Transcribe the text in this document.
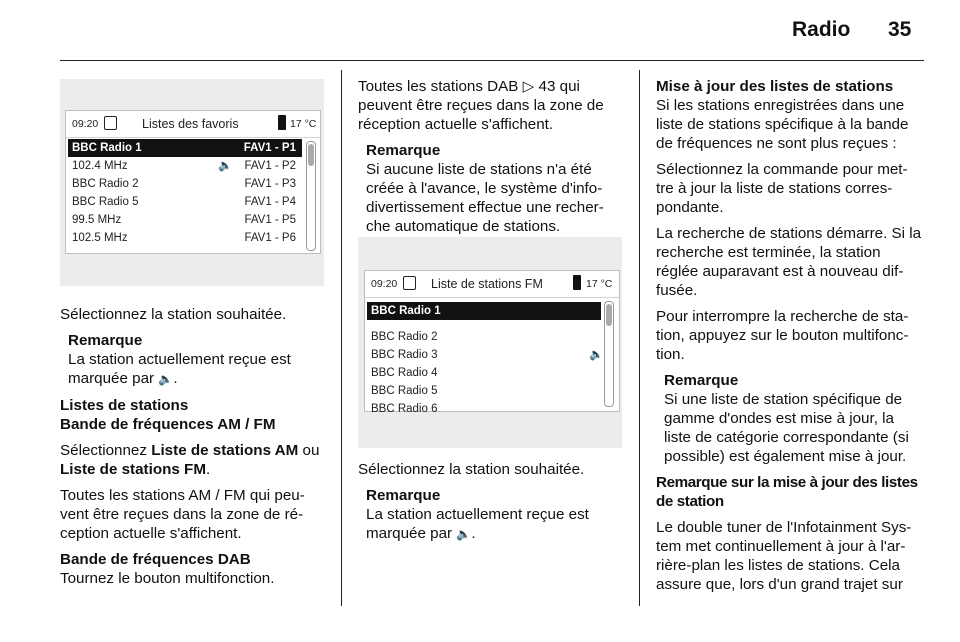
Radio 35
09:20	Listes des favoris	17 °C
BBC Radio 1	FAV1 - P1
102.4 MHz	🔈 FAV1 - P2
BBC Radio 2	FAV1 - P3
BBC Radio 5	FAV1 - P4
99.5 MHz	FAV1 - P5
102.5 MHz	FAV1 - P6
09:20	Liste de stations FM	17 °C
BBC Radio 1
BBC Radio 2
BBC Radio 3	🔈
BBC Radio 4
BBC Radio 5
BBC Radio 6

Sélectionnez la station souhaitée.

Remarque
La station actuellement reçue est marquée par 🔈.
Listes de stations
Bande de fréquences AM / FM

Sélectionnez Liste de stations AM ou Liste de stations FM.

Toutes les stations AM / FM qui peu-vent être reçues dans la zone de ré-ception actuelle s'affichent.

Bande de fréquences DAB

Tournez le bouton multifonction.

Toutes les stations DAB ▷ 43 qui peuvent être reçues dans la zone de réception actuelle s'affichent.

Remarque
Si aucune liste de stations n'a été créée à l'avance, le système d'info-divertissement effectue une recher-che automatique de stations.

Sélectionnez la station souhaitée.

Remarque
La station actuellement reçue est marquée par 🔈.
Mise à jour des listes de stations

Si les stations enregistrées dans une liste de stations spécifique à la bande de fréquences ne sont plus reçues :

Sélectionnez la commande pour met-tre à jour la liste de stations corres-pondante.

La recherche de stations démarre. Si la recherche est terminée, la station réglée auparavant est à nouveau dif-fusée.

Pour interrompre la recherche de sta-tion, appuyez sur le bouton multifonc-tion.

Remarque
Si une liste de station spécifique de gamme d'ondes est mise à jour, la liste de catégorie correspondante (si possible) est également mise à jour.
Remarque sur la mise à jour des listes de station

Le double tuner de l'Infotainment Sys-tem met continuellement à jour à l'ar-rière-plan les listes de stations. Cela assure que, lors d'un grand trajet sur
